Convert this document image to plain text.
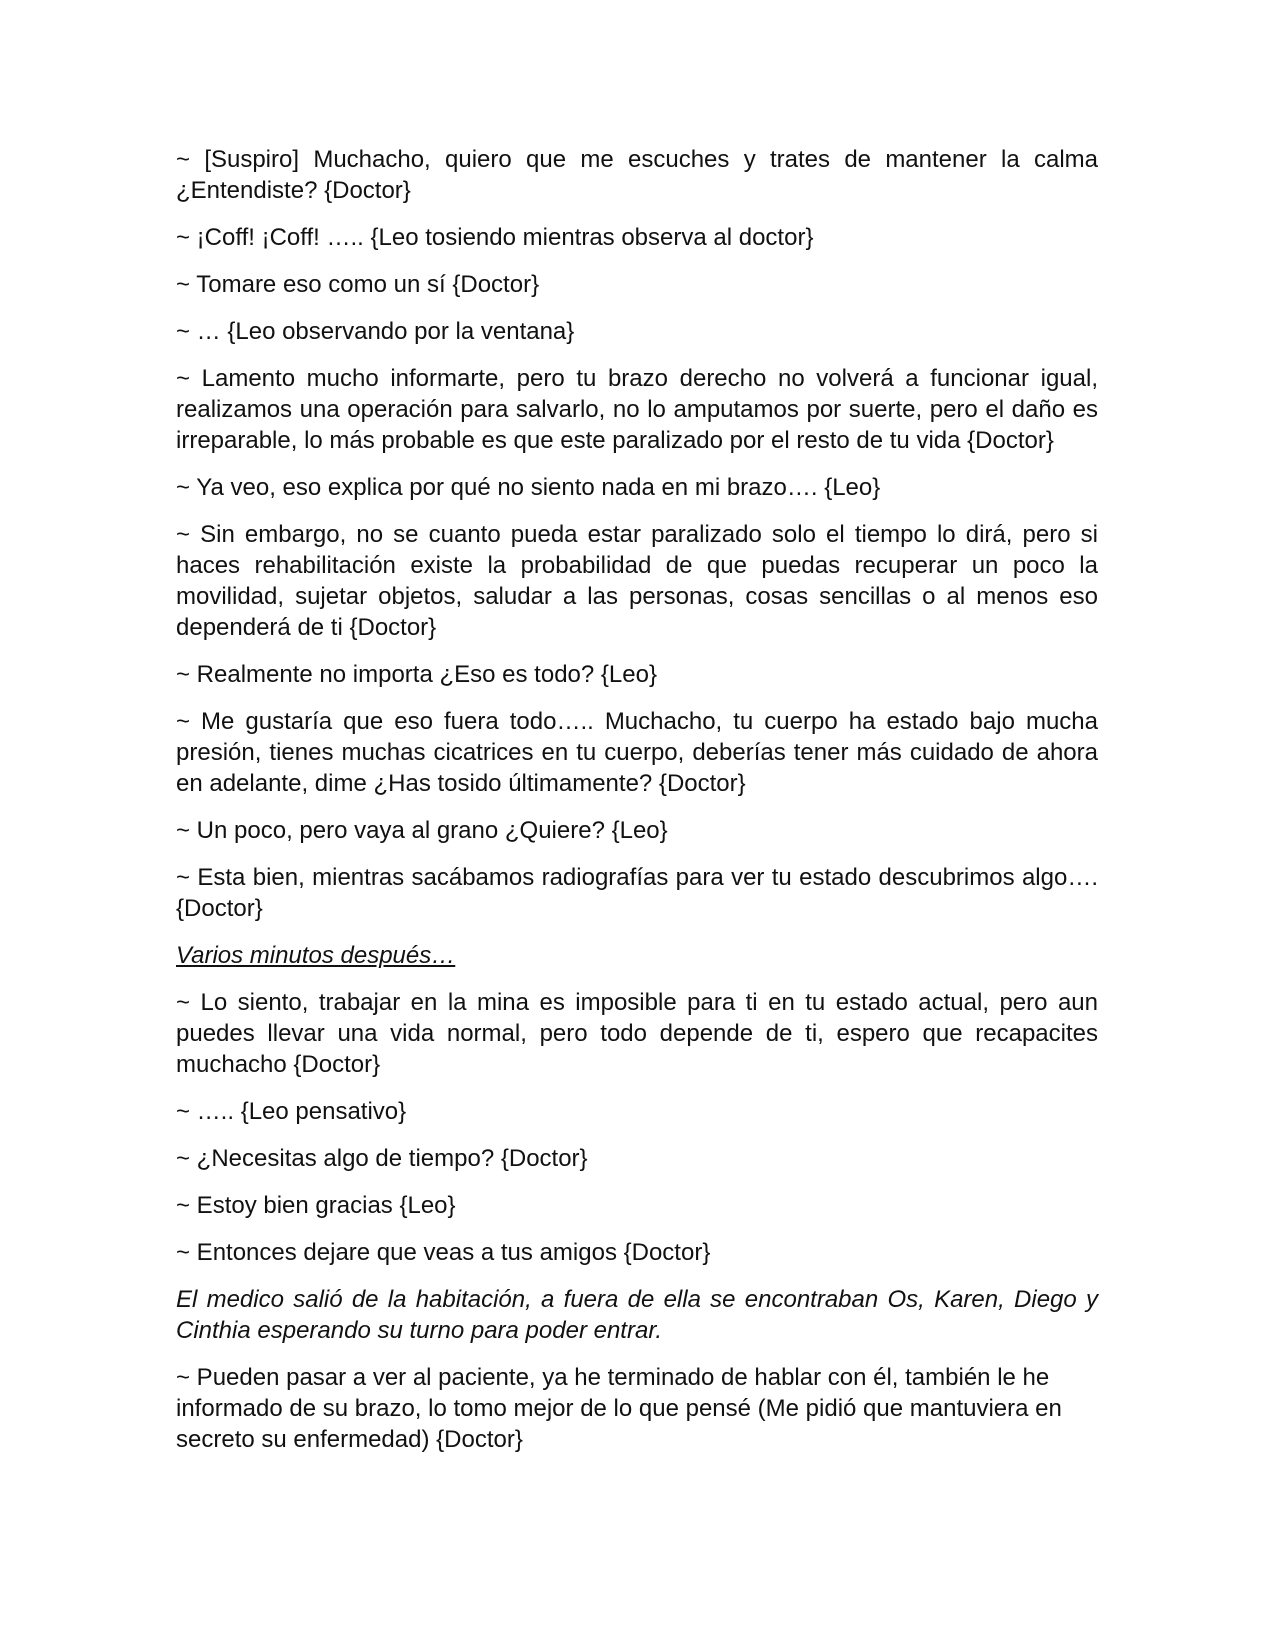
~ [Suspiro] Muchacho, quiero que me escuches y trates de mantener la calma ¿Entendiste? {Doctor}

~ ¡Coff! ¡Coff! ….. {Leo tosiendo mientras observa al doctor}

~ Tomare eso como un sí {Doctor}

~ … {Leo observando por la ventana}

~ Lamento mucho informarte, pero tu brazo derecho no volverá a funcionar igual, realizamos una operación para salvarlo, no lo amputamos por suerte, pero el daño es irreparable, lo más probable es que este paralizado por el resto de tu vida {Doctor}

~ Ya veo, eso explica por qué no siento nada en mi brazo…. {Leo}

~ Sin embargo, no se cuanto pueda estar paralizado solo el tiempo lo dirá, pero si haces rehabilitación existe la probabilidad de que puedas recuperar un poco la movilidad, sujetar objetos, saludar a las personas, cosas sencillas o al menos eso dependerá de ti {Doctor}

~ Realmente no importa ¿Eso es todo? {Leo}

~ Me gustaría que eso fuera todo….. Muchacho, tu cuerpo ha estado bajo mucha presión, tienes muchas cicatrices en tu cuerpo, deberías tener más cuidado de ahora en adelante, dime ¿Has tosido últimamente? {Doctor}

~ Un poco, pero vaya al grano ¿Quiere? {Leo}

~ Esta bien, mientras sacábamos radiografías para ver tu estado descubrimos algo…. {Doctor}

Varios minutos después…

~ Lo siento, trabajar en la mina es imposible para ti en tu estado actual, pero aun puedes llevar una vida normal, pero todo depende de ti, espero que recapacites muchacho {Doctor}

~ ….. {Leo pensativo}

~ ¿Necesitas algo de tiempo? {Doctor}

~ Estoy bien gracias {Leo}

~ Entonces dejare que veas a tus amigos {Doctor}

El medico salió de la habitación, a fuera de ella se encontraban Os, Karen, Diego y Cinthia esperando su turno para poder entrar.

~ Pueden pasar a ver al paciente, ya he terminado de hablar con él, también le he informado de su brazo, lo tomo mejor de lo que pensé (Me pidió que mantuviera en secreto su enfermedad) {Doctor}
